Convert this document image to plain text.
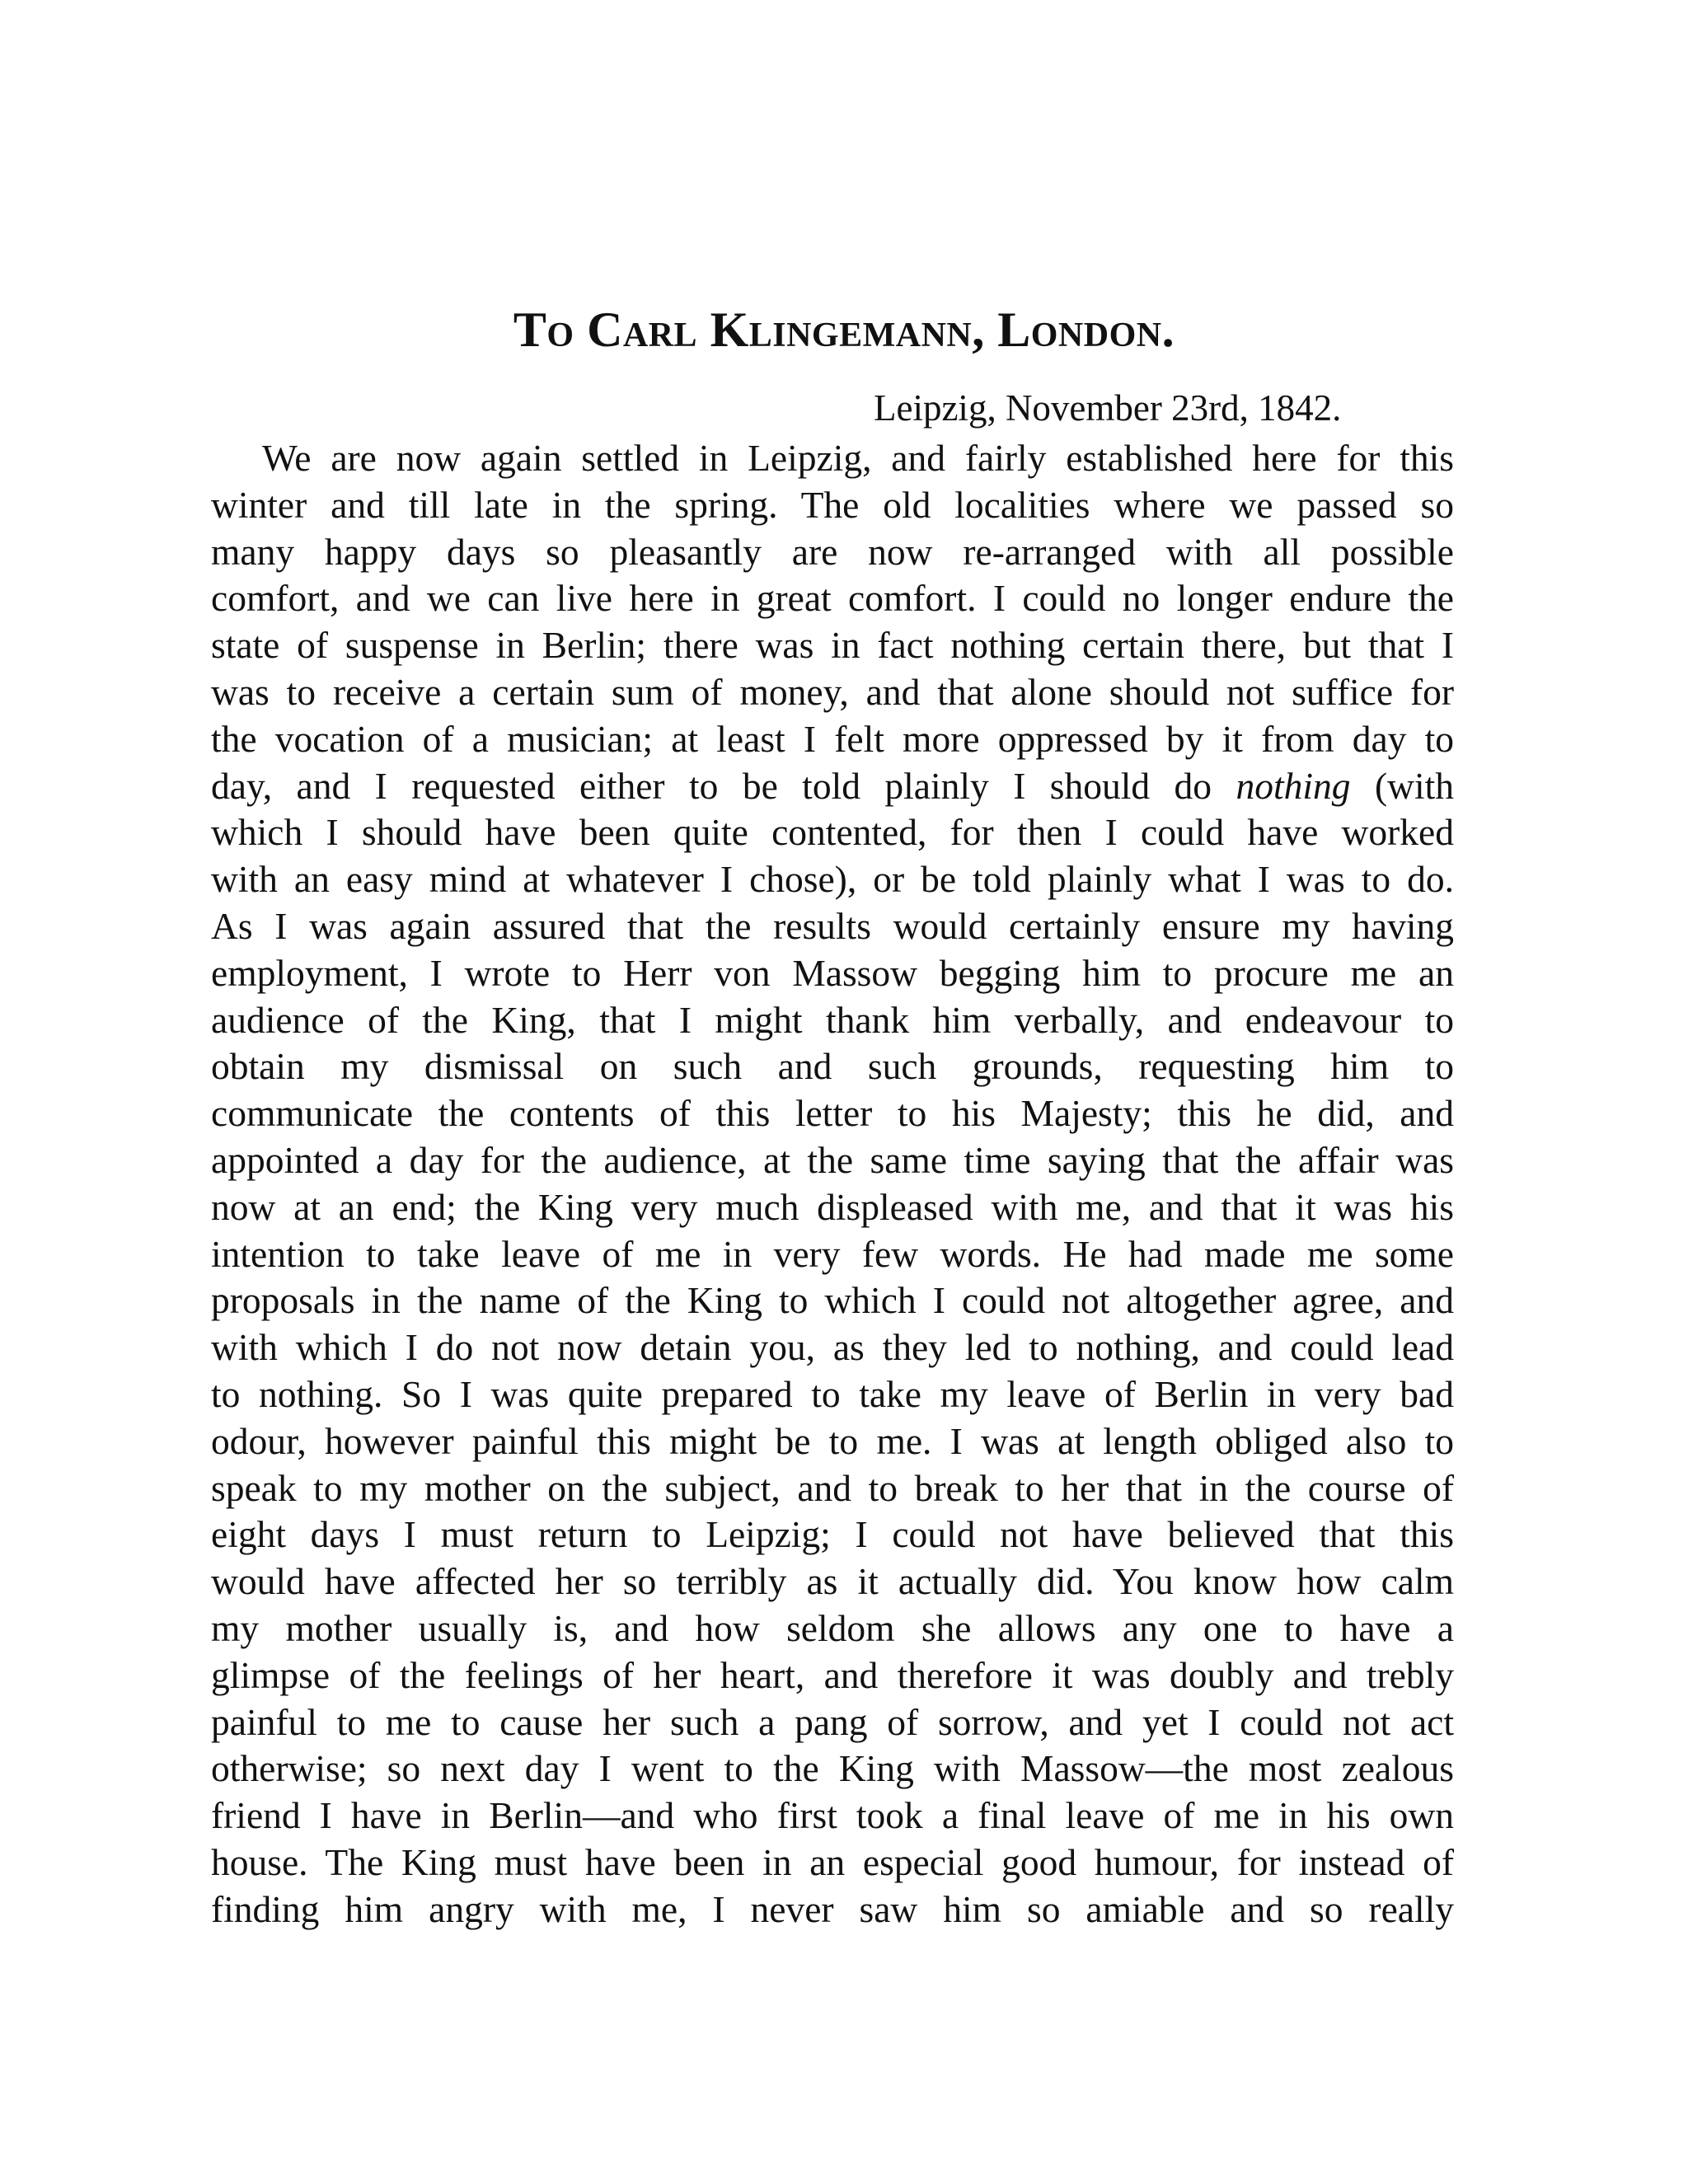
To Carl Klingemann, London.

Leipzig, November 23rd, 1842.

We are now again settled in Leipzig, and fairly established here for this
winter and till late in the spring. The old localities where we passed so
many happy days so pleasantly are now re-arranged with all possible
comfort, and we can live here in great comfort. I could no longer endure the
state of suspense in Berlin; there was in fact nothing certain there, but that I
was to receive a certain sum of money, and that alone should not suffice for
the vocation of a musician; at least I felt more oppressed by it from day to
day, and I requested either to be told plainly I should do nothing (with
which I should have been quite contented, for then I could have worked
with an easy mind at whatever I chose), or be told plainly what I was to do.
As I was again assured that the results would certainly ensure my having
employment, I wrote to Herr von Massow begging him to procure me an
audience of the King, that I might thank him verbally, and endeavour to
obtain my dismissal on such and such grounds, requesting him to
communicate the contents of this letter to his Majesty; this he did, and
appointed a day for the audience, at the same time saying that the affair was
now at an end; the King very much displeased with me, and that it was his
intention to take leave of me in very few words. He had made me some
proposals in the name of the King to which I could not altogether agree, and
with which I do not now detain you, as they led to nothing, and could lead
to nothing. So I was quite prepared to take my leave of Berlin in very bad
odour, however painful this might be to me. I was at length obliged also to
speak to my mother on the subject, and to break to her that in the course of
eight days I must return to Leipzig; I could not have believed that this
would have affected her so terribly as it actually did. You know how calm
my mother usually is, and how seldom she allows any one to have a
glimpse of the feelings of her heart, and therefore it was doubly and trebly
painful to me to cause her such a pang of sorrow, and yet I could not act
otherwise; so next day I went to the King with Massow—the most zealous
friend I have in Berlin—and who first took a final leave of me in his own
house. The King must have been in an especial good humour, for instead of
finding him angry with me, I never saw him so amiable and so really
